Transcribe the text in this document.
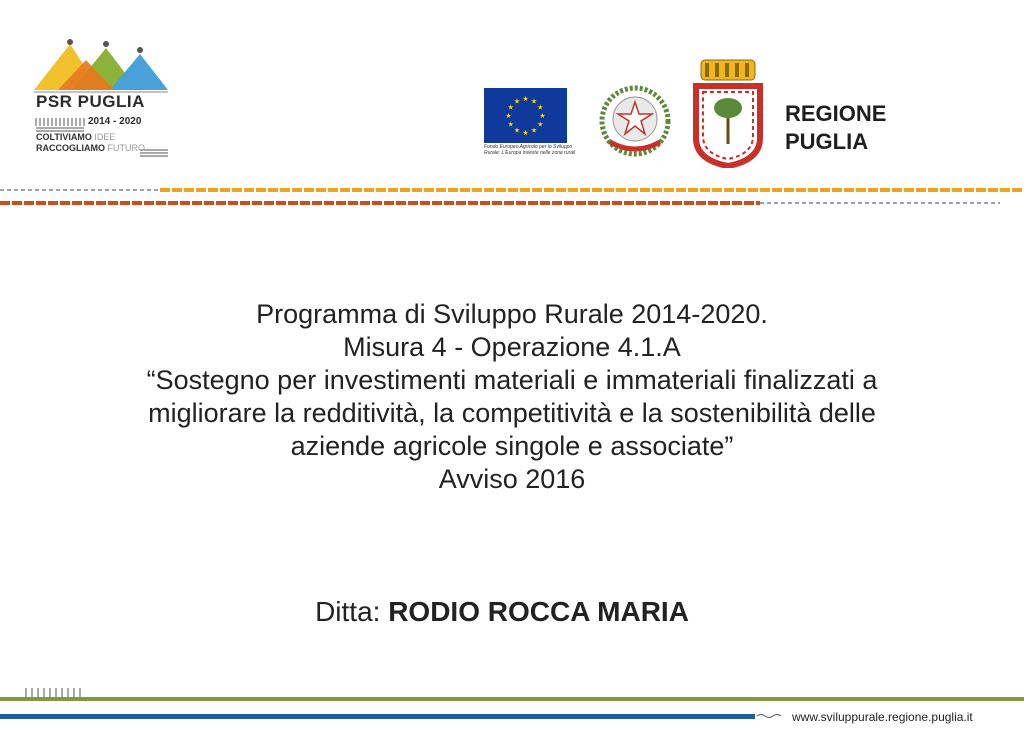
PSR PUGLIA
2014 - 2020
COLTIVIAMO IDEE
RACCOGLIAMO FUTURO
★
★
★
★
★
★
★
★
★ ★ ★
★
Fondo Europeo Agricolo per lo Sviluppo Rurale: L'Europa investe nelle zone rurali
REGIONE
PUGLIA
Programma di Sviluppo Rurale 2014-2020.
Misura 4 - Operazione 4.1.A
“Sostegno per investimenti materiali e immateriali finalizzati a
migliorare la redditività, la competitività e la sostenibilità delle
aziende agricole singole e associate”
Avviso 2016
Ditta: RODIO ROCCA MARIA
www.sviluppurale.regione.puglia.it
